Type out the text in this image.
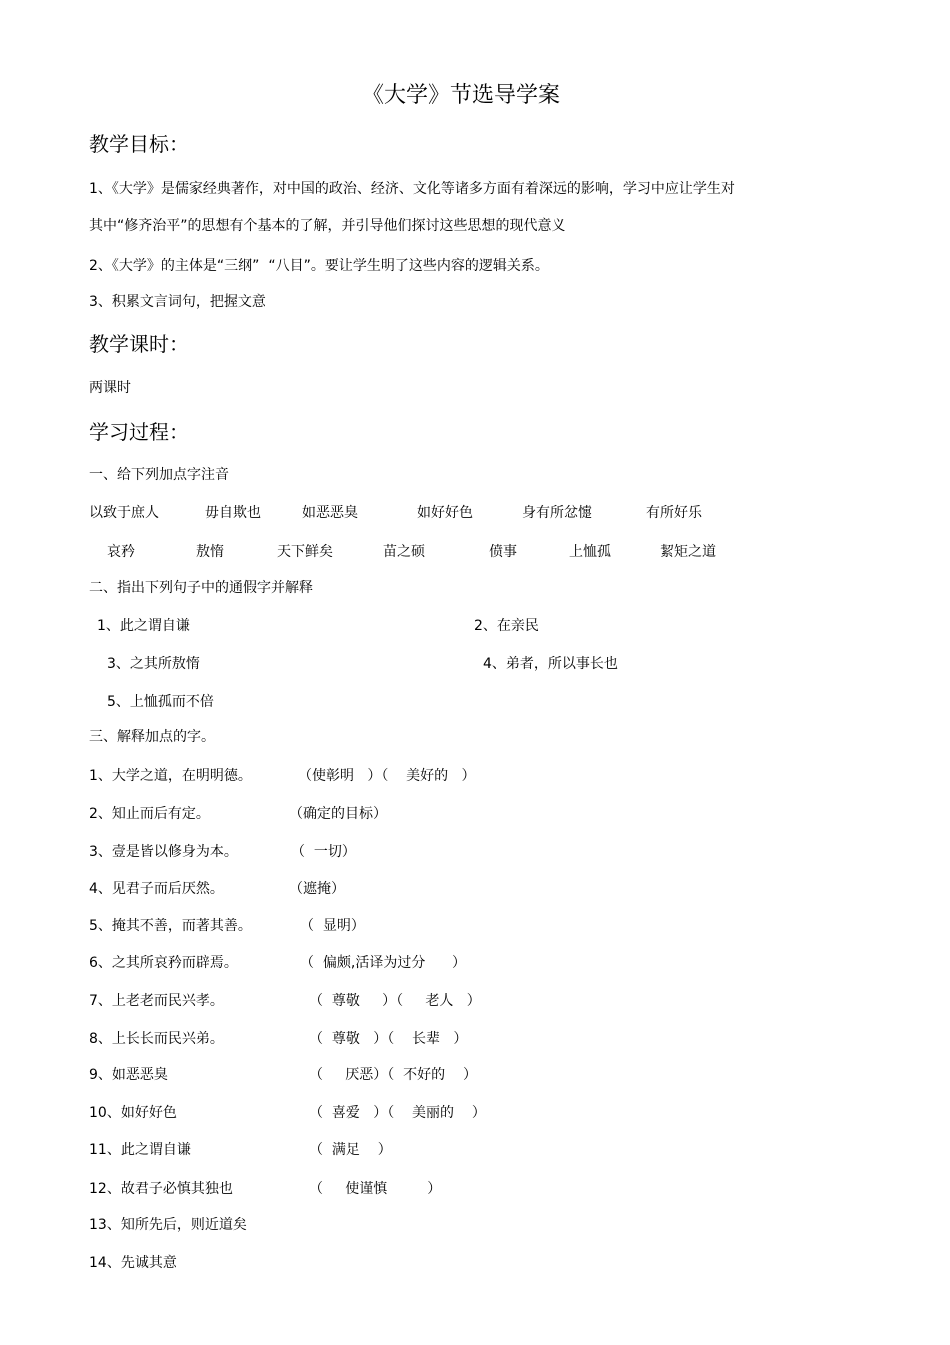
《大学》节选导学案
教学目标：
1、《大学》是儒家经典著作，对中国的政治、经济、文化等诸多方面有着深远的影响，学习中应让学生对
其中“修齐治平”的思想有个基本的了解，并引导他们探讨这些思想的现代意义
2、《大学》的主体是“三纲”  “八目”。要让学生明了这些内容的逻辑关系。
3、积累文言词句，把握文意
教学课时：
两课时
学习过程：
一、给下列加点字注音
以致于庶人	毋自欺也	如恶恶臭	如好好色	身有所忿懥	有所好乐
哀矜	敖惰	天下鲜矣	苗之硕	偾事	上恤孤	絜矩之道
二、指出下列句子中的通假字并解释
1、此之谓自谦	2、在亲民
3、之其所敖惰	4、弟者，所以事长也
5、上恤孤而不倍
三、解释加点的字。
1、大学之道，在明明德。	（使彰明   ）（    美好的   ）
2、知止而后有定。	（确定的目标）
3、壹是皆以修身为本。	（  一切）
4、见君子而后厌然。	（遮掩）
5、掩其不善，而著其善。	（  显明）
6、之其所哀矜而辟焉。	（  偏颇,活译为过分      ）
7、上老老而民兴孝。	（  尊敬     ）（     老人   ）
8、上长长而民兴弟。	（  尊敬   ）（    长辈   ）
9、如恶恶臭	（     厌恶）（  不好的    ）
10、如好好色	（  喜爱   ）（    美丽的    ）
11、此之谓自谦	（  满足    ）
12、故君子必慎其独也	（     使谨慎         ）
13、知所先后，则近道矣
14、先诚其意
